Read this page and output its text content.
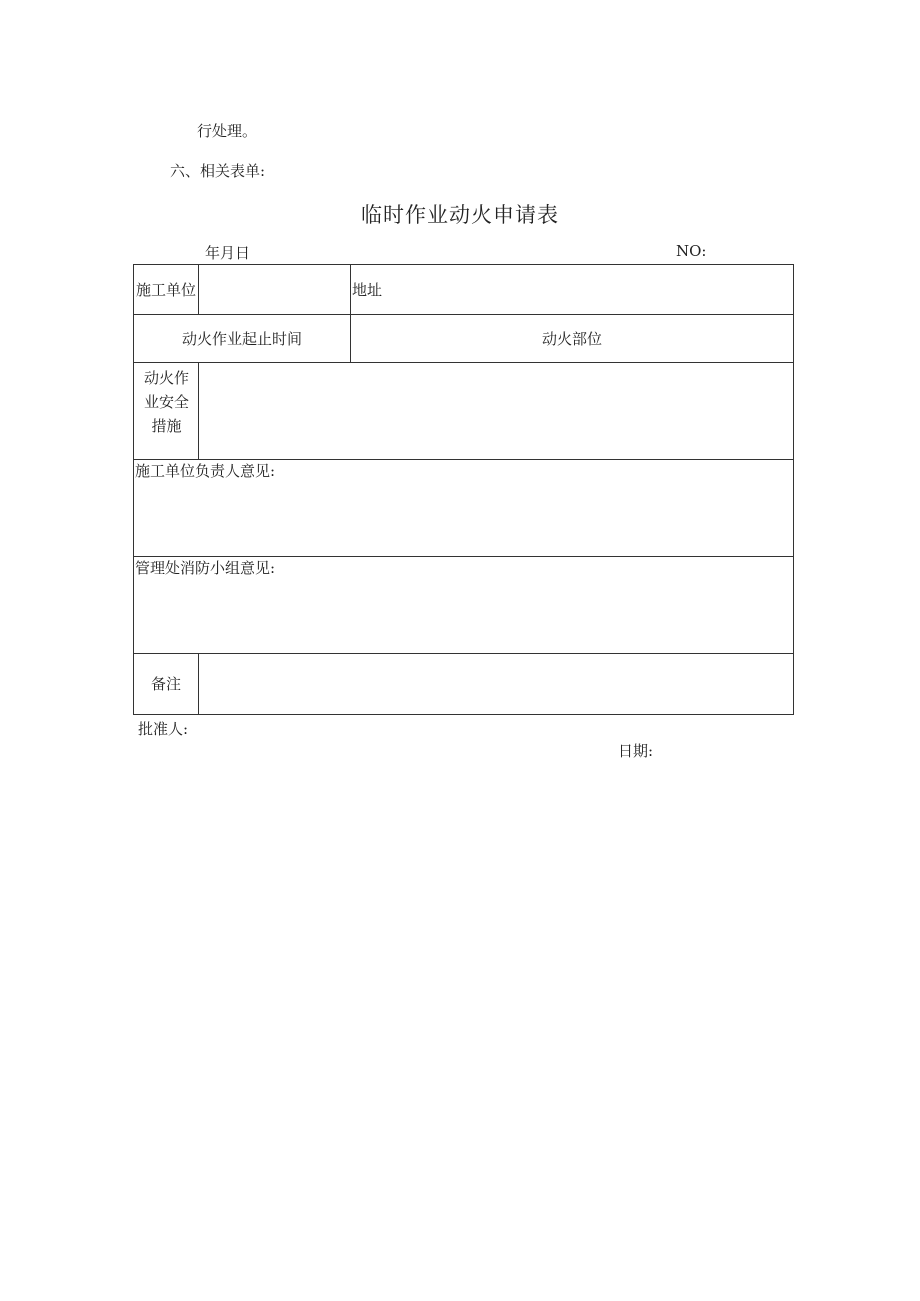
行处理。
六、相关表单:
临时作业动火申请表
年月日	NO:
施工单位		地址
动火作业起止时间		动火部位

动火作业安全措施		

施工单位负责人意见:		
管理处消防小组意见:		
备注		
批准人:
日期:
